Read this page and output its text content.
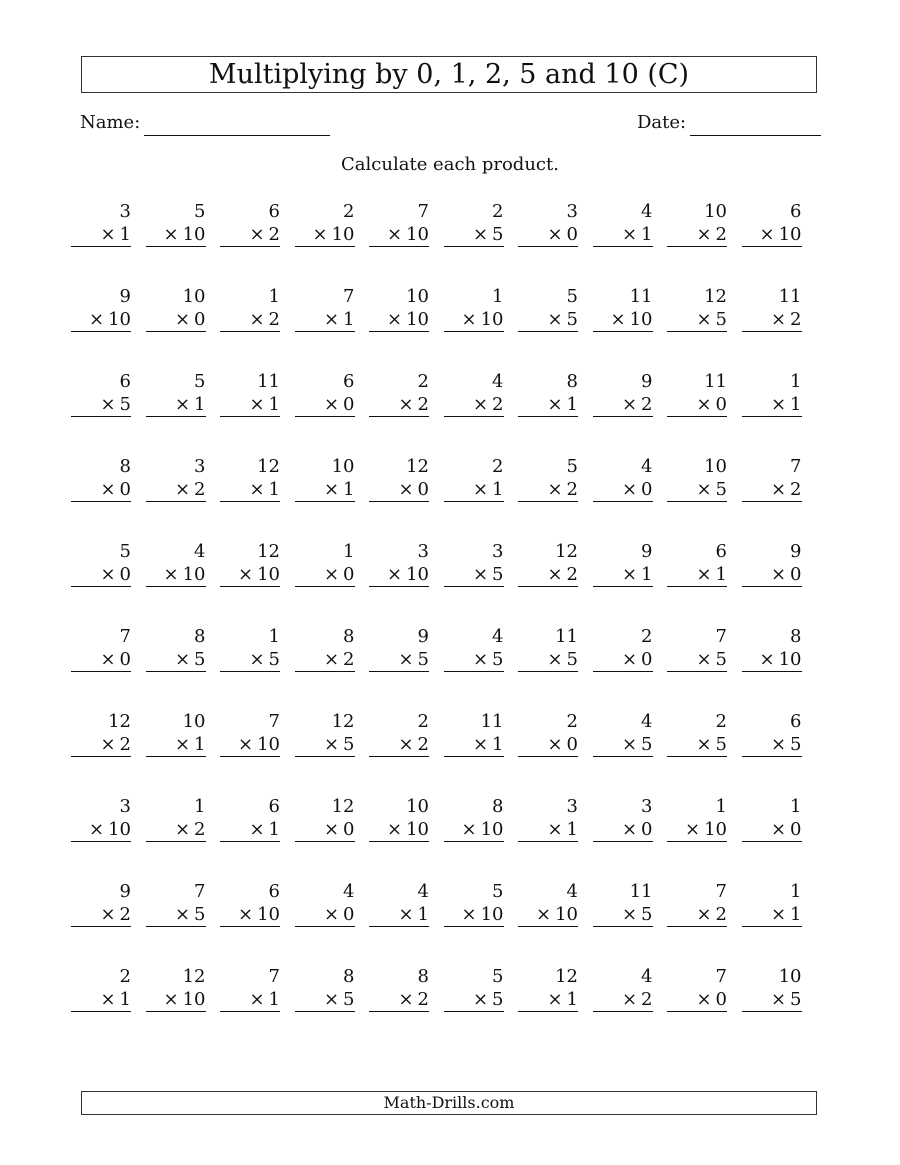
Multiplying by 0, 1, 2, 5 and 10 (C)
Name:	Date:
Calculate each product.
3
× 1
5
× 10
6
× 2
2
× 10
7
× 10
2
× 5
3
× 0
4
× 1
10
× 2
6
× 10
9
× 10
10
× 0
1
× 2
7
× 1
10
× 10
1
× 10
5
× 5
11
× 10
12
× 5
11
× 2
6
× 5
5
× 1
11
× 1
6
× 0
2
× 2
4
× 2
8
× 1
9
× 2
11
× 0
1
× 1
8
× 0
3
× 2
12
× 1
10
× 1
12
× 0
2
× 1
5
× 2
4
× 0
10
× 5
7
× 2
5
× 0
4
× 10
12
× 10
1
× 0
3
× 10
3
× 5
12
× 2
9
× 1
6
× 1
9
× 0
7
× 0
8
× 5
1
× 5
8
× 2
9
× 5
4
× 5
11
× 5
2
× 0
7
× 5
8
× 10
12
× 2
10
× 1
7
× 10
12
× 5
2
× 2
11
× 1
2
× 0
4
× 5
2
× 5
6
× 5
3
× 10
1
× 2
6
× 1
12
× 0
10
× 10
8
× 10
3
× 1
3
× 0
1
× 10
1
× 0
9
× 2
7
× 5
6
× 10
4
× 0
4
× 1
5
× 10
4
× 10
11
× 5
7
× 2
1
× 1
2
× 1
12
× 10
7
× 1
8
× 5
8
× 2
5
× 5
12
× 1
4
× 2
7
× 0
10
× 5
Math-Drills.com
